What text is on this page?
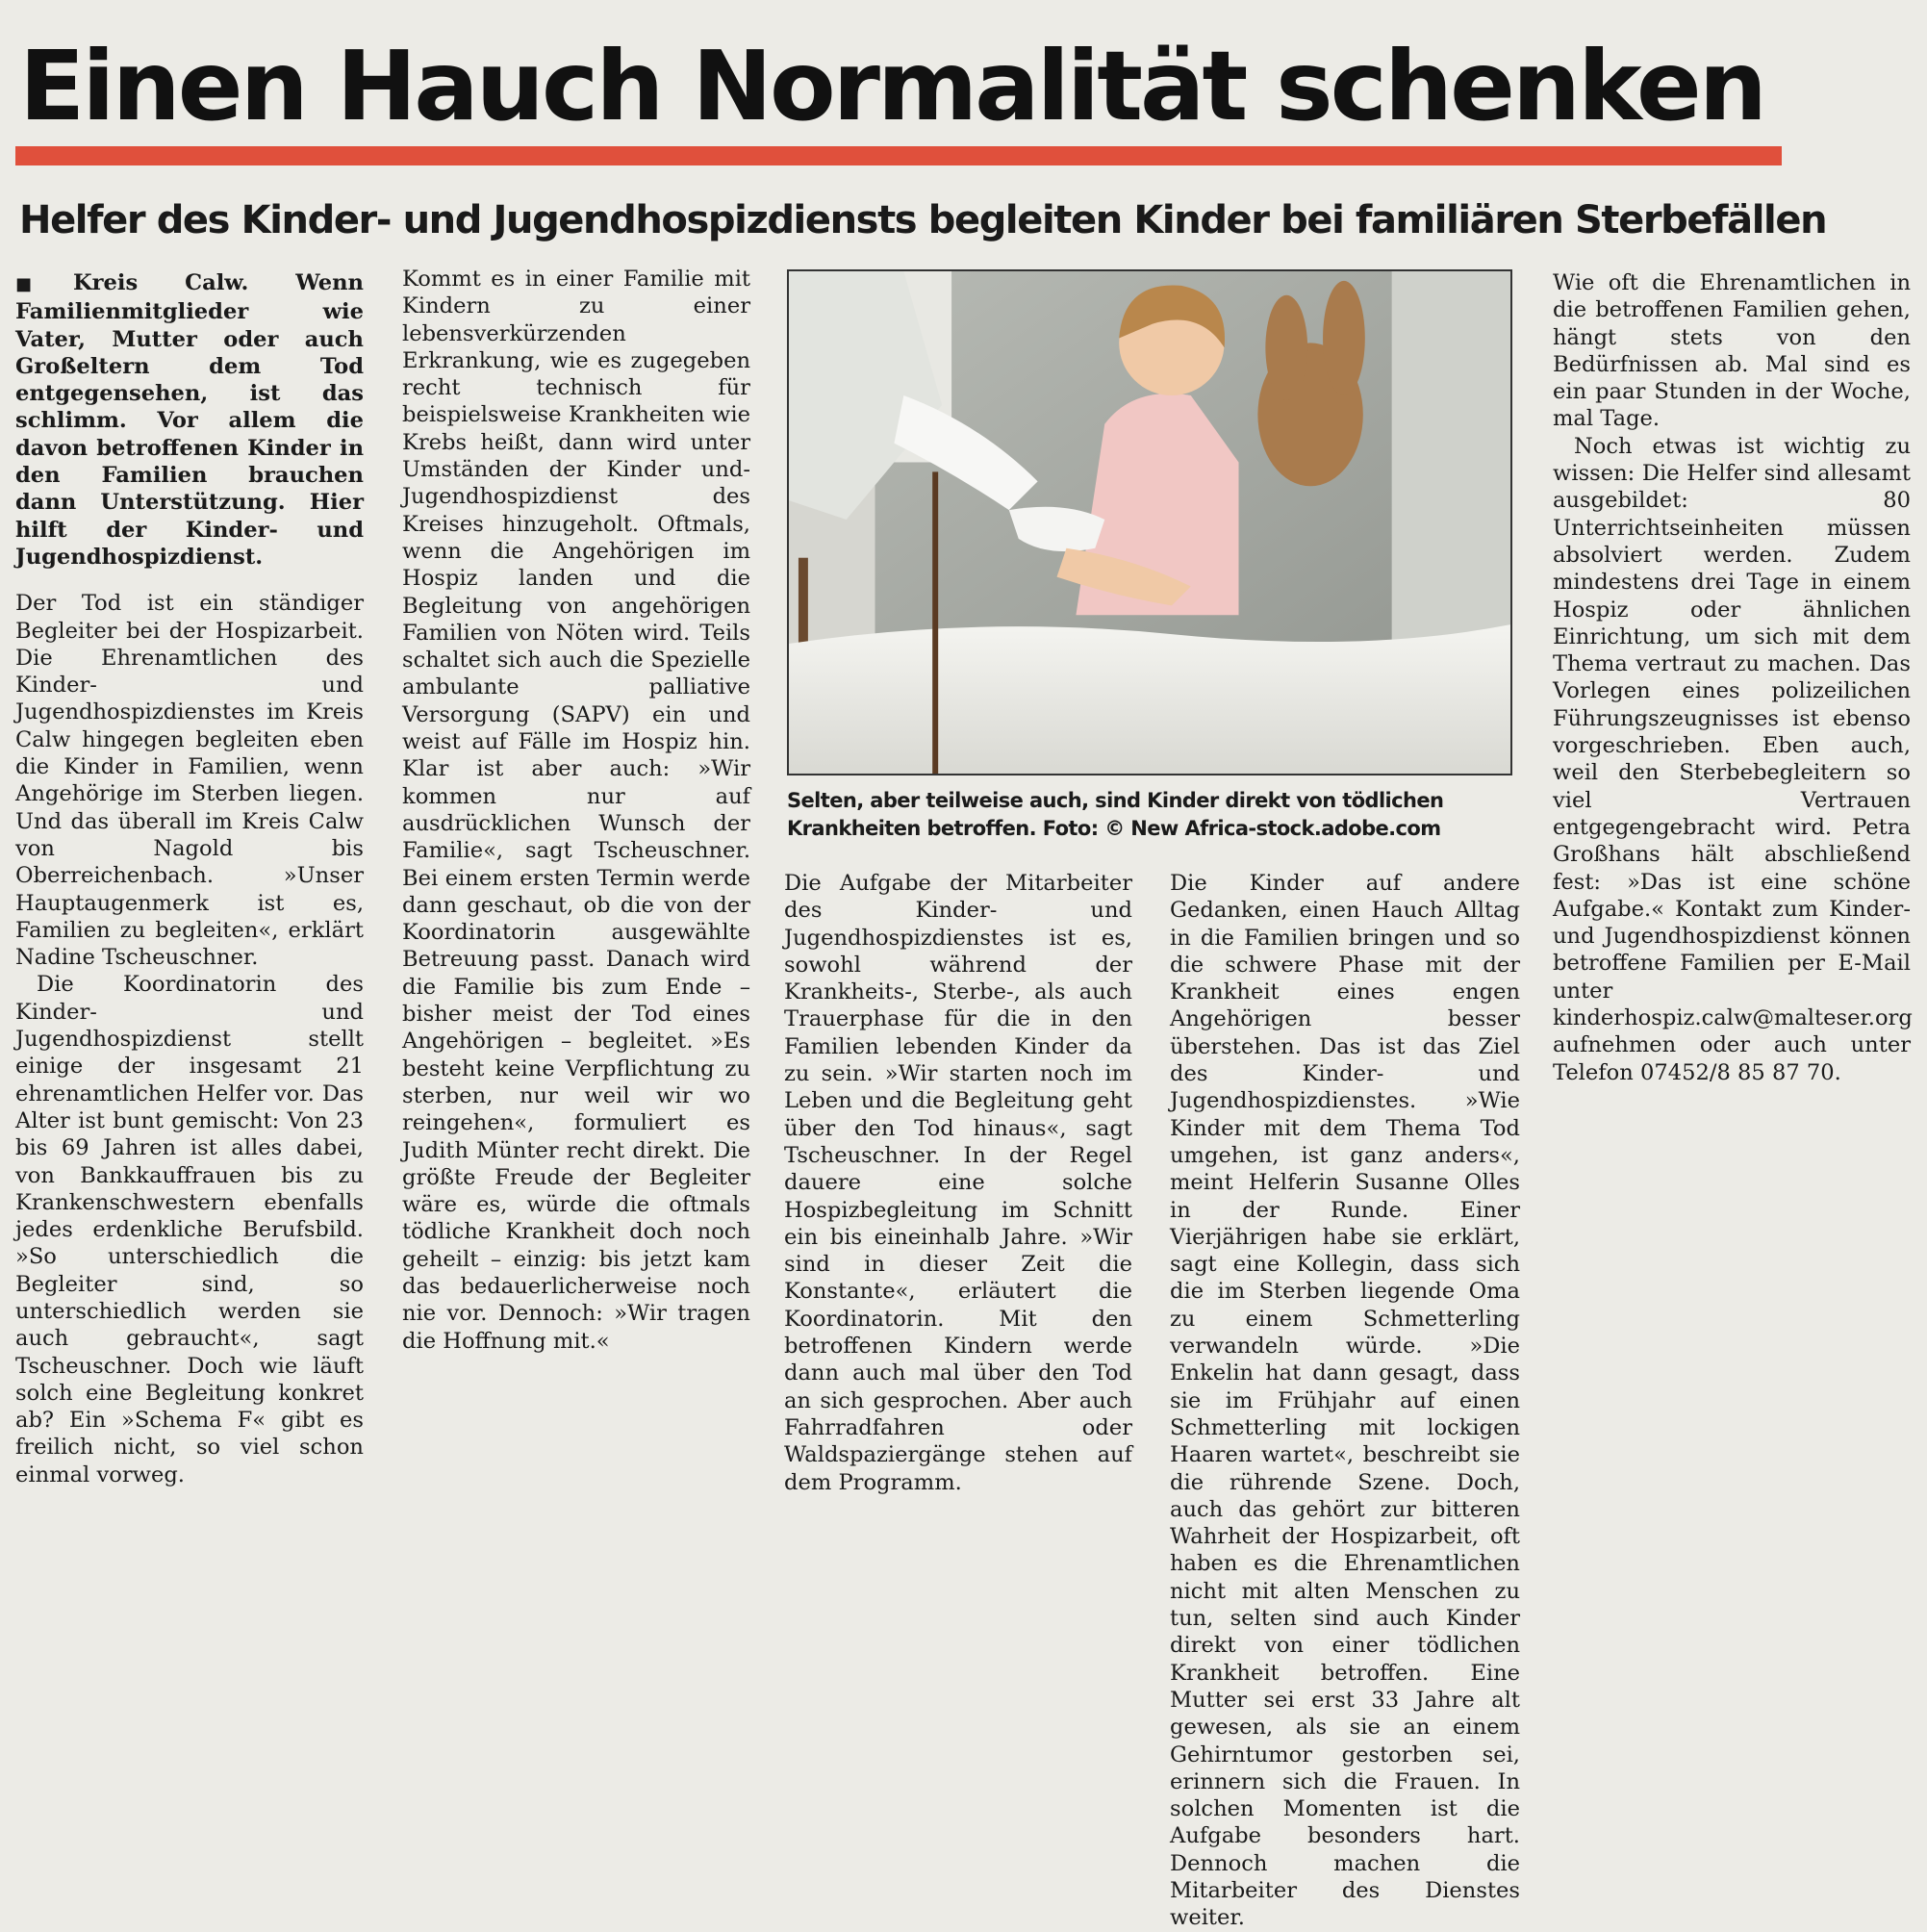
Einen Hauch Normalität schenken
Helfer des Kinder- und Jugendhospizdiensts begleiten Kinder bei familiären Sterbefällen

■ Kreis Calw. Wenn Familienmitglieder wie Vater, Mutter oder auch Großeltern dem Tod entgegensehen, ist das schlimm. Vor allem die davon betroffenen Kinder in den Familien brauchen dann Unterstützung. Hier hilft der Kinder- und Jugendhospizdienst.

Der Tod ist ein ständiger Begleiter bei der Hospizarbeit. Die Ehrenamtlichen des Kinder- und Jugendhospizdienstes im Kreis Calw hingegen begleiten eben die Kinder in Familien, wenn Angehörige im Sterben liegen. Und das überall im Kreis Calw von Nagold bis Oberreichenbach. »Unser Hauptaugenmerk ist es, Familien zu begleiten«, erklärt Nadine Tscheuschner.

Die Koordinatorin des Kinder- und Jugendhospizdienst stellt einige der insgesamt 21 ehrenamtlichen Helfer vor. Das Alter ist bunt gemischt: Von 23 bis 69 Jahren ist alles dabei, von Bankkauffrauen bis zu Krankenschwestern ebenfalls jedes erdenkliche Berufsbild. »So unterschiedlich die Begleiter sind, so unterschiedlich werden sie auch gebraucht«, sagt Tscheuschner. Doch wie läuft solch eine Begleitung konkret ab? Ein »Schema F« gibt es freilich nicht, so viel schon einmal vorweg.

Kommt es in einer Familie mit Kindern zu einer lebensverkürzenden Erkrankung, wie es zugegeben recht technisch für beispielsweise Krankheiten wie Krebs heißt, dann wird unter Umständen der Kinder und- Jugendhospizdienst des Kreises hinzugeholt. Oftmals, wenn die Angehörigen im Hospiz landen und die Begleitung von angehörigen Familien von Nöten wird. Teils schaltet sich auch die Spezielle ambulante palliative Versorgung (SAPV) ein und weist auf Fälle im Hospiz hin. Klar ist aber auch: »Wir kommen nur auf ausdrücklichen Wunsch der Familie«, sagt Tscheuschner. Bei einem ersten Termin werde dann geschaut, ob die von der Koordinatorin ausgewählte Betreuung passt. Danach wird die Familie bis zum Ende – bisher meist der Tod eines Angehörigen – begleitet. »Es besteht keine Verpflichtung zu sterben, nur weil wir wo reingehen«, formuliert es Judith Münter recht direkt. Die größte Freude der Begleiter wäre es, würde die oftmals tödliche Krankheit doch noch geheilt – einzig: bis jetzt kam das bedauerlicherweise noch nie vor. Dennoch: »Wir tragen die Hoffnung mit.«

Selten, aber teilweise auch, sind Kinder direkt von tödlichen
Krankheiten betroffen. Foto: © New Africa-stock.adobe.com

Die Aufgabe der Mitarbeiter des Kinder- und Jugendhospizdienstes ist es, sowohl während der Krankheits-, Sterbe-, als auch Trauerphase für die in den Familien lebenden Kinder da zu sein. »Wir starten noch im Leben und die Begleitung geht über den Tod hinaus«, sagt Tscheuschner. In der Regel dauere eine solche Hospizbegleitung im Schnitt ein bis eineinhalb Jahre. »Wir sind in dieser Zeit die Konstante«, erläutert die Koordinatorin. Mit den betroffenen Kindern werde dann auch mal über den Tod an sich gesprochen. Aber auch Fahrradfahren oder Waldspaziergänge stehen auf dem Programm.

Die Kinder auf andere Gedanken, einen Hauch Alltag in die Familien bringen und so die schwere Phase mit der Krankheit eines engen Angehörigen besser überstehen. Das ist das Ziel des Kinder- und Jugendhospizdienstes. »Wie Kinder mit dem Thema Tod umgehen, ist ganz anders«, meint Helferin Susanne Olles in der Runde. Einer Vierjährigen habe sie erklärt, sagt eine Kollegin, dass sich die im Sterben liegende Oma zu einem Schmetterling verwandeln würde. »Die Enkelin hat dann gesagt, dass sie im Frühjahr auf einen Schmetterling mit lockigen Haaren wartet«, beschreibt sie die rührende Szene. Doch, auch das gehört zur bitteren Wahrheit der Hospizarbeit, oft haben es die Ehrenamtlichen nicht mit alten Menschen zu tun, selten sind auch Kinder direkt von einer tödlichen Krankheit betroffen. Eine Mutter sei erst 33 Jahre alt gewesen, als sie an einem Gehirntumor gestorben sei, erinnern sich die Frauen. In solchen Momenten ist die Aufgabe besonders hart. Dennoch machen die Mitarbeiter des Dienstes weiter.

Wie oft die Ehrenamtlichen in die betroffenen Familien gehen, hängt stets von den Bedürfnissen ab. Mal sind es ein paar Stunden in der Woche, mal Tage.

Noch etwas ist wichtig zu wissen: Die Helfer sind allesamt ausgebildet: 80 Unterrichtseinheiten müssen absolviert werden. Zudem mindestens drei Tage in einem Hospiz oder ähnlichen Einrichtung, um sich mit dem Thema vertraut zu machen. Das Vorlegen eines polizeilichen Führungszeugnisses ist ebenso vorgeschrieben. Eben auch, weil den Sterbebegleitern so viel Vertrauen entgegengebracht wird. Petra Großhans hält abschließend fest: »Das ist eine schöne Aufgabe.« Kontakt zum Kinder- und Jugendhospizdienst können betroffene Familien per E-Mail unter kinderhospiz.calw@malteser.org aufnehmen oder auch unter Telefon 07452/8 85 87 70.
